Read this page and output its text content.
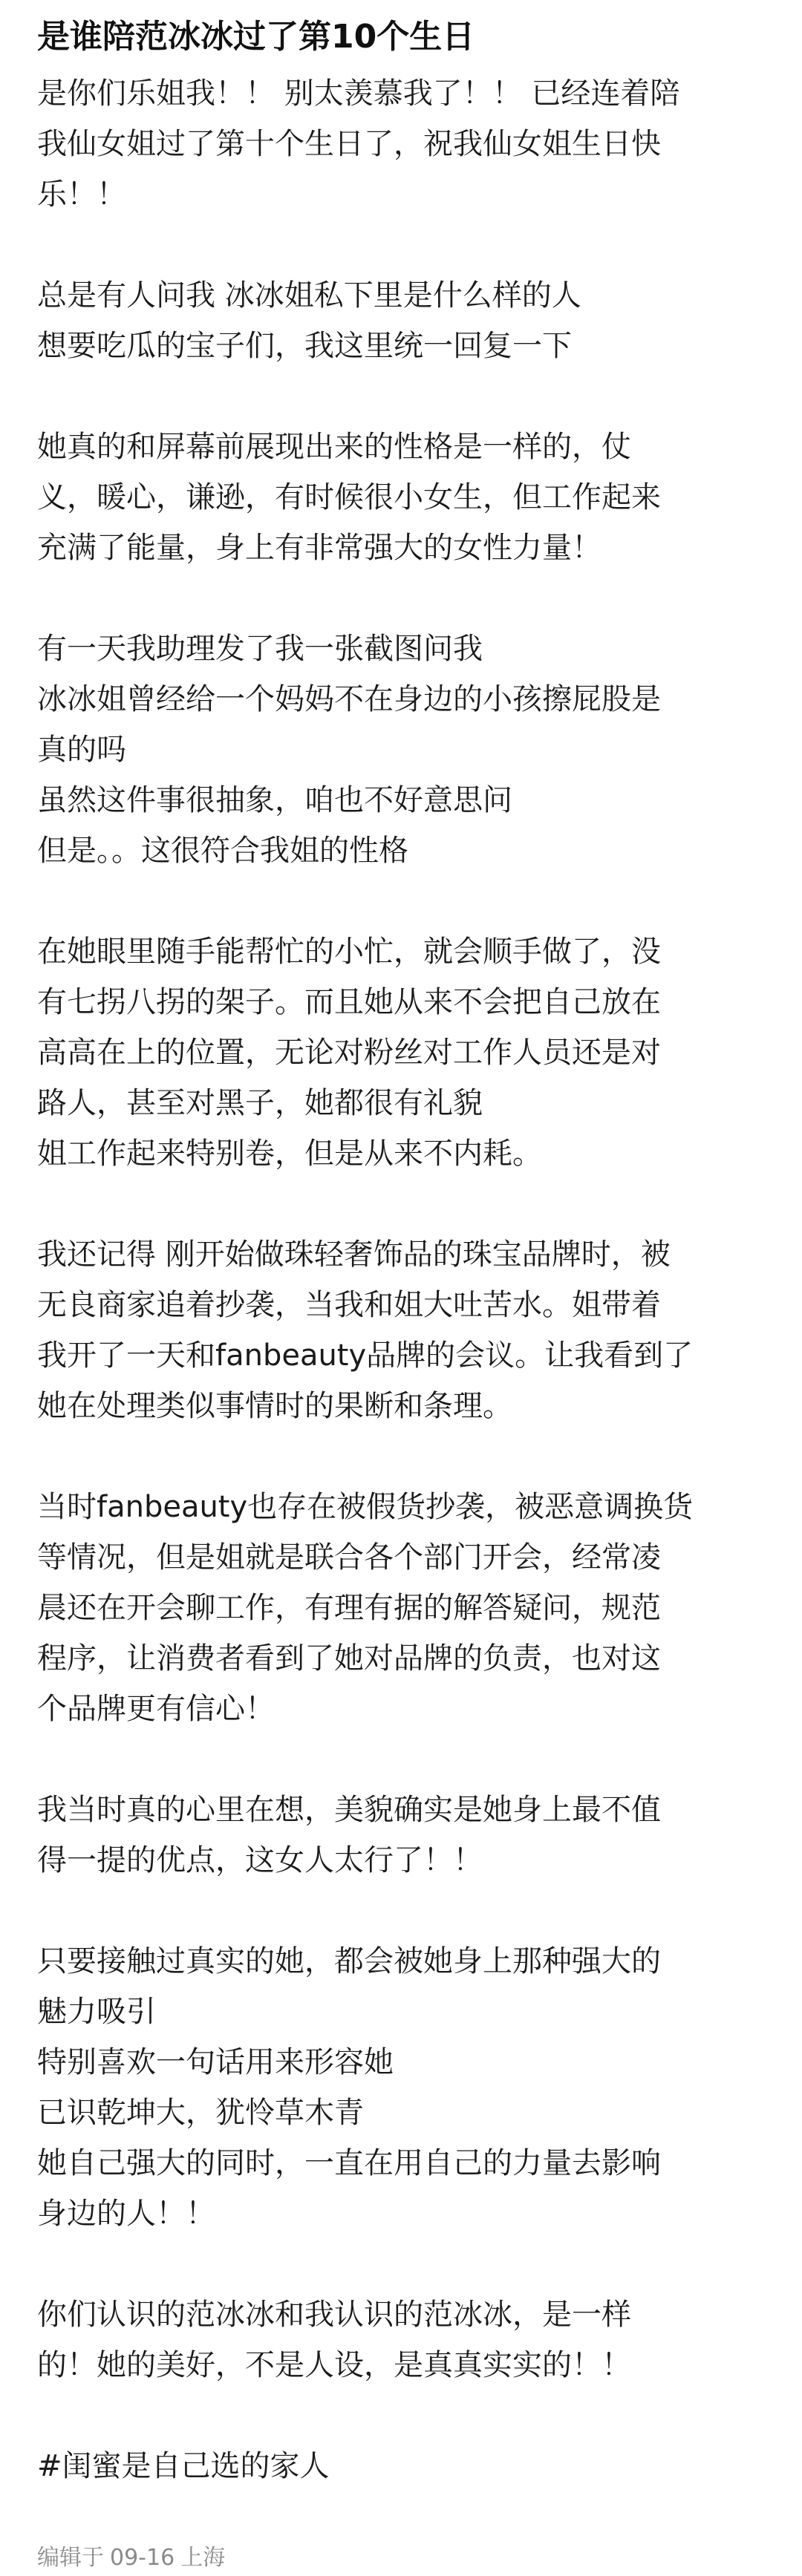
是谁陪范冰冰过了第10个生日
是你们乐姐我！！ 别太羡慕我了！！ 已经连着陪
我仙女姐过了第十个生日了，祝我仙女姐生日快
乐！！
总是有人问我 冰冰姐私下里是什么样的人
想要吃瓜的宝子们，我这里统一回复一下
她真的和屏幕前展现出来的性格是一样的，仗
义，暖心，谦逊，有时候很小女生，但工作起来
充满了能量，身上有非常强大的女性力量！
有一天我助理发了我一张截图问我
冰冰姐曾经给一个妈妈不在身边的小孩擦屁股是
真的吗
虽然这件事很抽象，咱也不好意思问
但是。。这很符合我姐的性格
在她眼里随手能帮忙的小忙，就会顺手做了，没
有七拐八拐的架子。而且她从来不会把自己放在
高高在上的位置，无论对粉丝对工作人员还是对
路人，甚至对黑子，她都很有礼貌
姐工作起来特别卷，但是从来不内耗。
我还记得 刚开始做珠轻奢饰品的珠宝品牌时，被
无良商家追着抄袭，当我和姐大吐苦水。姐带着
我开了一天和fanbeauty品牌的会议。让我看到了
她在处理类似事情时的果断和条理。
当时fanbeauty也存在被假货抄袭，被恶意调换货
等情况，但是姐就是联合各个部门开会，经常凌
晨还在开会聊工作，有理有据的解答疑问，规范
程序，让消费者看到了她对品牌的负责，也对这
个品牌更有信心！
我当时真的心里在想，美貌确实是她身上最不值
得一提的优点，这女人太行了！！
只要接触过真实的她，都会被她身上那种强大的
魅力吸引
特别喜欢一句话用来形容她
已识乾坤大，犹怜草木青
她自己强大的同时，一直在用自己的力量去影响
身边的人！！
你们认识的范冰冰和我认识的范冰冰，是一样
的！她的美好，不是人设，是真真实实的！！
#闺蜜是自己选的家人
编辑于 09-16 上海
